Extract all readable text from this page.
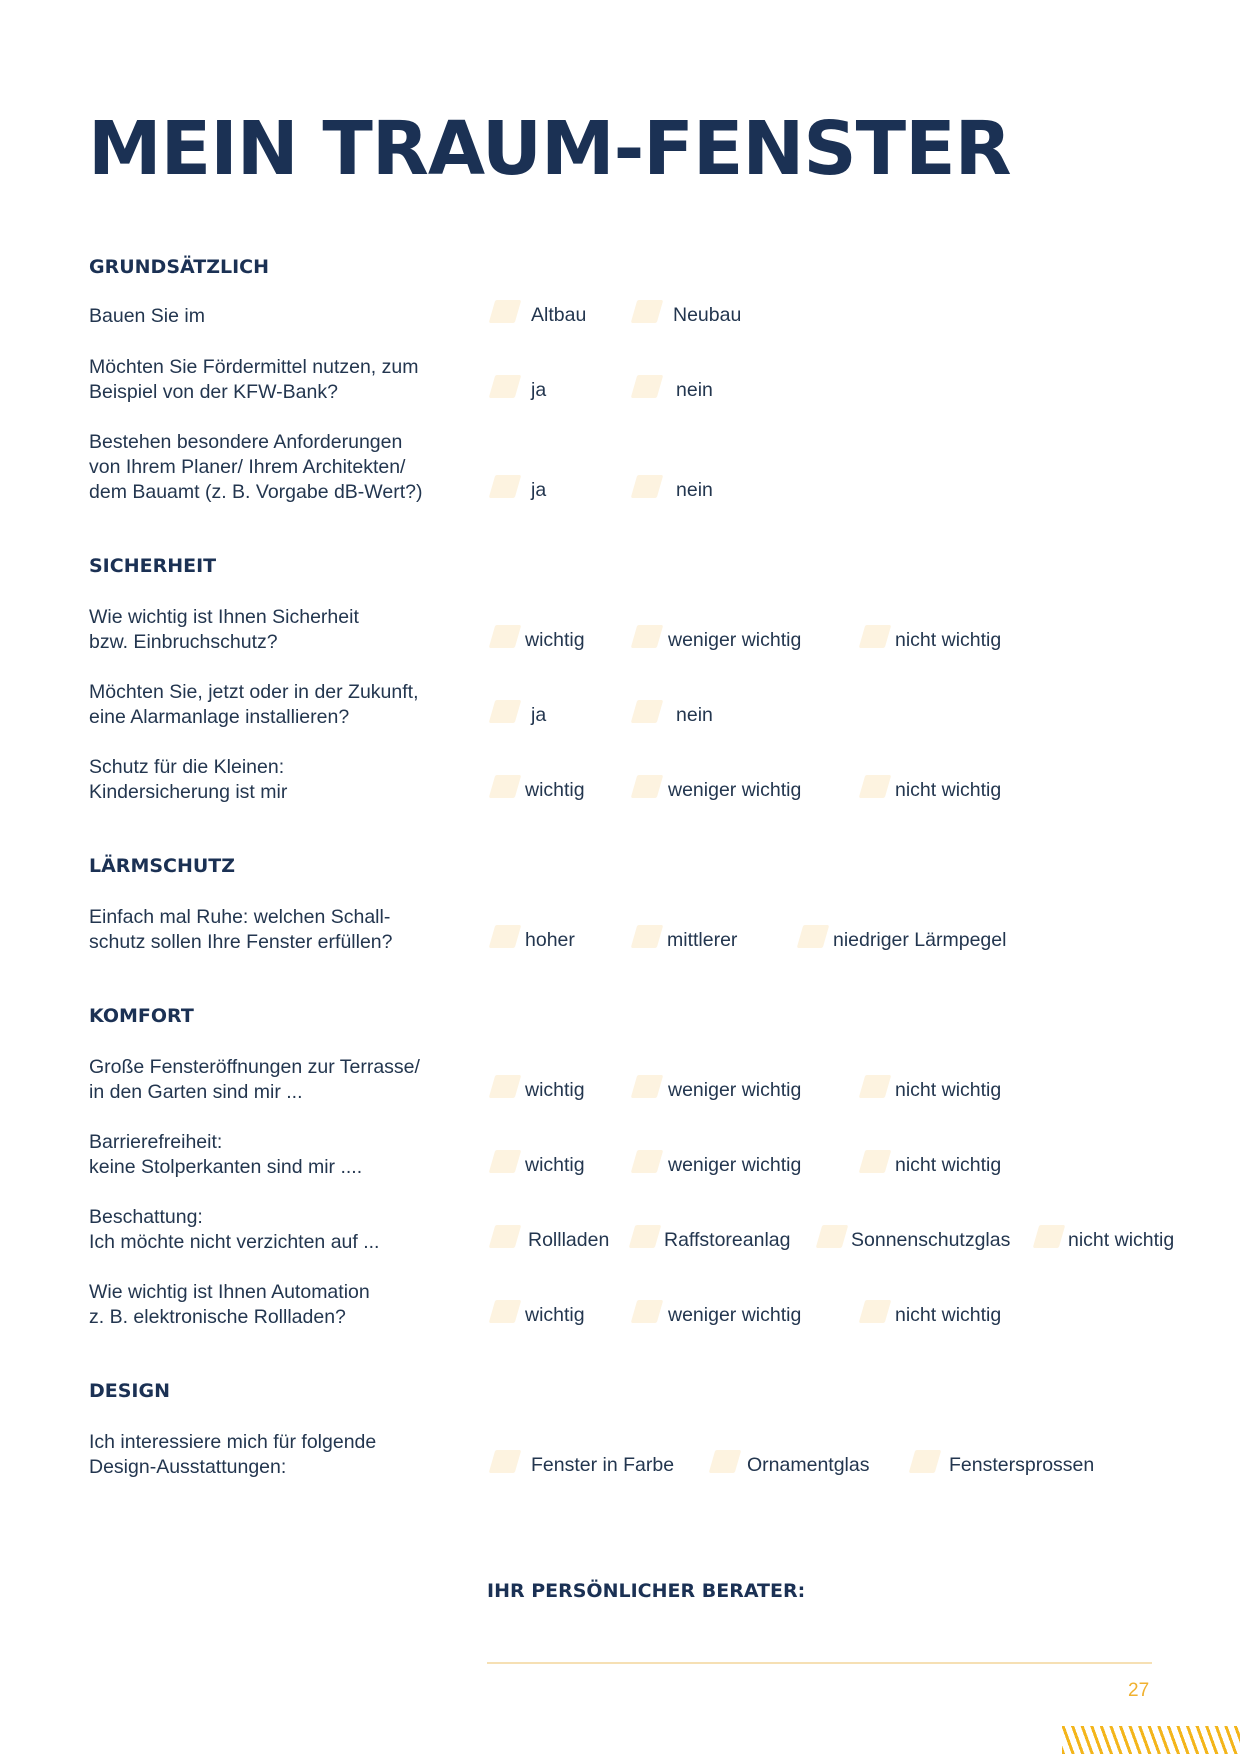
MEIN TRAUM-FENSTER
GRUNDSÄTZLICH
Bauen Sie im	Altbau	Neubau
Möchten Sie Fördermittel nutzen, zum
Beispiel von der KFW-Bank?	ja	nein
Bestehen besondere Anforderungen
von Ihrem Planer/ Ihrem Architekten/
dem Bauamt (z. B. Vorgabe dB-Wert?)	ja	nein
SICHERHEIT
Wie wichtig ist Ihnen Sicherheit
bzw. Einbruchschutz?	wichtig	weniger wichtig	nicht wichtig
Möchten Sie, jetzt oder in der Zukunft,
eine Alarmanlage installieren?	ja	nein
Schutz für die Kleinen:
Kindersicherung ist mir	wichtig	weniger wichtig	nicht wichtig
LÄRMSCHUTZ
Einfach mal Ruhe: welchen Schall-
schutz sollen Ihre Fenster erfüllen?	hoher	mittlerer	niedriger Lärmpegel
KOMFORT
Große Fensteröffnungen zur Terrasse/
in den Garten sind mir ...	wichtig	weniger wichtig	nicht wichtig
Barrierefreiheit:
keine Stolperkanten sind mir ....	wichtig	weniger wichtig	nicht wichtig
Beschattung:
Ich möchte nicht verzichten auf ...	Rollladen	Raffstoreanlag	Sonnenschutzglas	nicht wichtig
Wie wichtig ist Ihnen Automation
z. B. elektronische Rollladen?	wichtig	weniger wichtig	nicht wichtig
DESIGN
Ich interessiere mich für folgende
Design-Ausstattungen:	Fenster in Farbe	Ornamentglas	Fenstersprossen
IHR PERSÖNLICHER BERATER:
27
